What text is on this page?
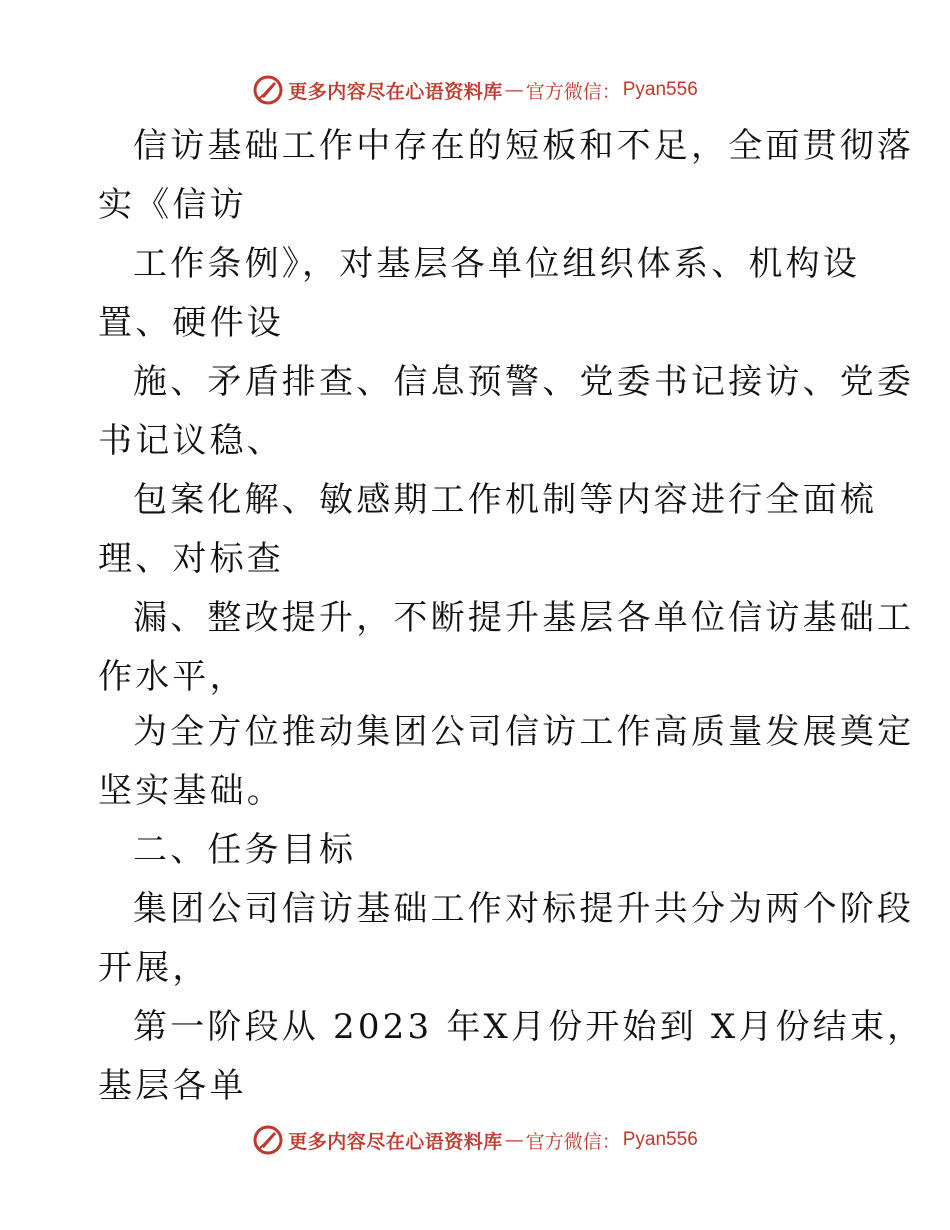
更多内容尽在心语资料库 — 官方微信： Pyan556
信访基础工作中存在的短板和不足，全面贯彻落
实《信访
工作条例》，对基层各单位组织体系、机构设
置、硬件设
施、矛盾排查、信息预警、党委书记接访、党委
书记议稳、
包案化解、敏感期工作机制等内容进行全面梳
理、对标查
漏、整改提升，不断提升基层各单位信访基础工
作水平，
为全方位推动集团公司信访工作高质量发展奠定
坚实基础。
二、任务目标
集团公司信访基础工作对标提升共分为两个阶段
开展，
第一阶段从 2023 年X月份开始到 X月份结束，
基层各单
更多内容尽在心语资料库 — 官方微信： Pyan556
